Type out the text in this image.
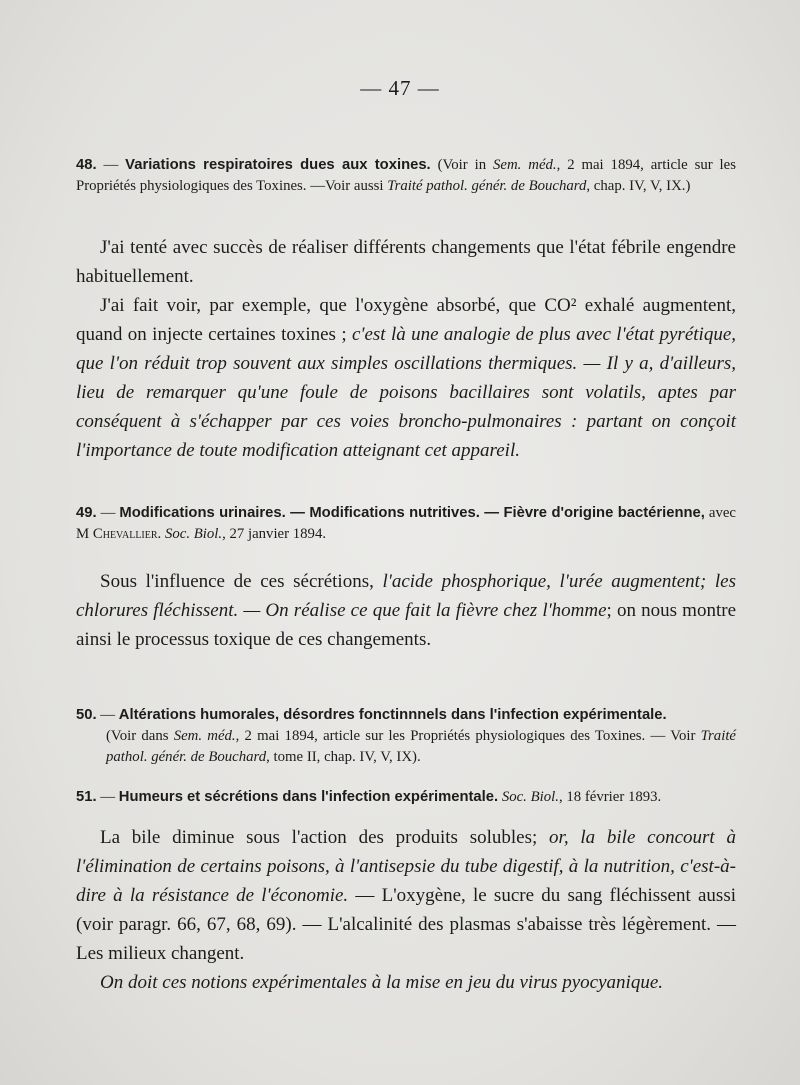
— 47 —
48. — Variations respiratoires dues aux toxines. (Voir in Sem. méd., 2 mai 1894, article sur les Propriétés physiologiques des Toxines. —Voir aussi Traité pathol. génér. de Bouchard, chap. IV, V, IX.)

J'ai tenté avec succès de réaliser différents changements que l'état fébrile engendre habituellement.

J'ai fait voir, par exemple, que l'oxygène absorbé, que CO² exhalé augmentent, quand on injecte certaines toxines ; c'est là une analogie de plus avec l'état pyrétique, que l'on réduit trop souvent aux simples oscillations thermiques. — Il y a, d'ailleurs, lieu de remarquer qu'une foule de poisons bacillaires sont volatils, aptes par conséquent à s'échapper par ces voies broncho-pulmonaires : partant on conçoit l'importance de toute modification atteignant cet appareil.

49. — Modifications urinaires. — Modifications nutritives. — Fièvre d'origine bactérienne, avec M Chevallier. Soc. Biol., 27 janvier 1894.

Sous l'influence de ces sécrétions, l'acide phosphorique, l'urée augmentent; les chlorures fléchissent. — On réalise ce que fait la fièvre chez l'homme; on nous montre ainsi le processus toxique de ces changements.

50. — Altérations humorales, désordres fonctinnnels dans l'infection expérimentale.
(Voir dans Sem. méd., 2 mai 1894, article sur les Propriétés physiologiques des Toxines. — Voir Traité pathol. génér. de Bouchard, tome II, chap. IV, V, IX).
51. — Humeurs et sécrétions dans l'infection expérimentale. Soc. Biol., 18 février 1893.

La bile diminue sous l'action des produits solubles; or, la bile concourt à l'élimination de certains poisons, à l'antisepsie du tube digestif, à la nutrition, c'est-à-dire à la résistance de l'économie. — L'oxygène, le sucre du sang fléchissent aussi (voir paragr. 66, 67, 68, 69). — L'alcalinité des plasmas s'abaisse très légèrement. — Les milieux changent.

On doit ces notions expérimentales à la mise en jeu du virus pyocyanique.
